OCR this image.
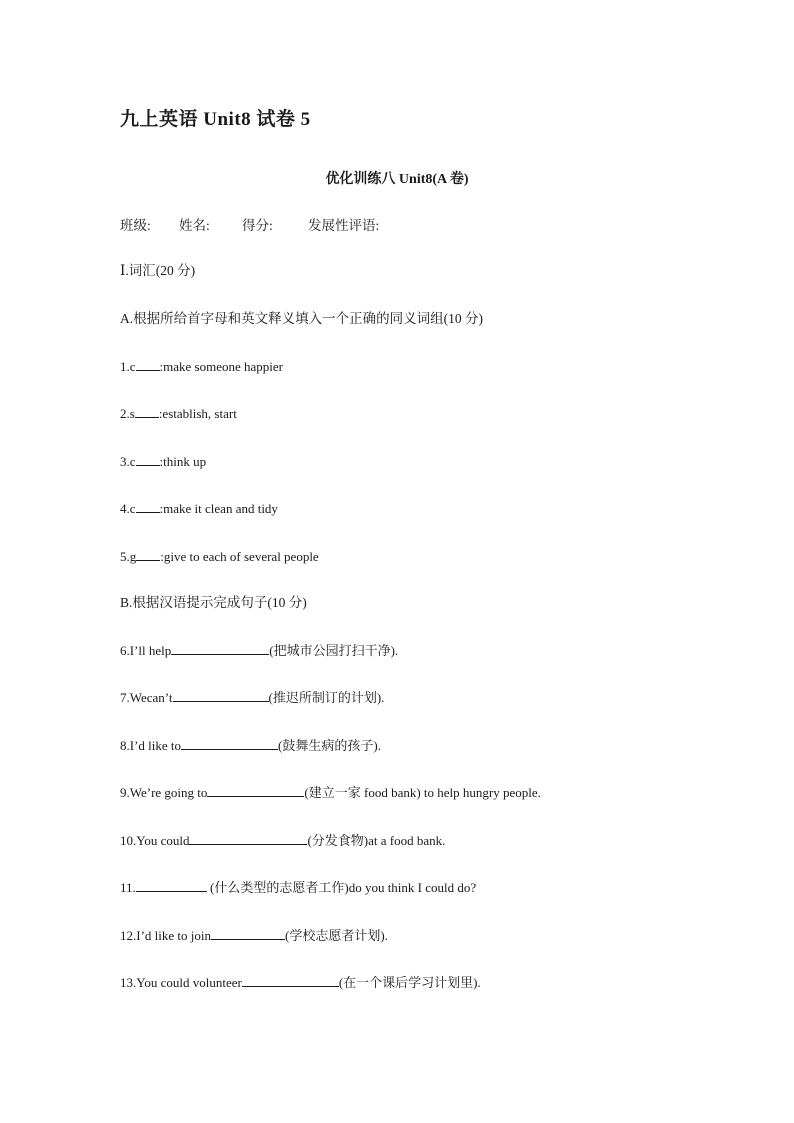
九上英语 Unit8 试卷 5
优化训练八 Unit8(A 卷)
班级: 姓名: 得分:	发展性评语:
Ⅰ.词汇(20 分)
A.根据所给首字母和英文释义填入一个正确的同义词组(10 分)
1.c :make someone happier
2.s :establish, start
3.c :think up
4.c :make it clean and tidy
5.g :give to each of several people
B.根据汉语提示完成句子(10 分)
6.I’ll help	(把城市公园打扫干净).
7.Wecan’t	(推迟所制订的计划).
8.I’d like to	(鼓舞生病的孩子).
9.We’re going to	(建立一家 food bank) to help hungry people.
10.You could	(分发食物)at a food bank.
11.	(什么类型的志愿者工作)do you think I could do?
12.I’d like to join	(学校志愿者计划).
13.You could volunteer	(在一个课后学习计划里).
